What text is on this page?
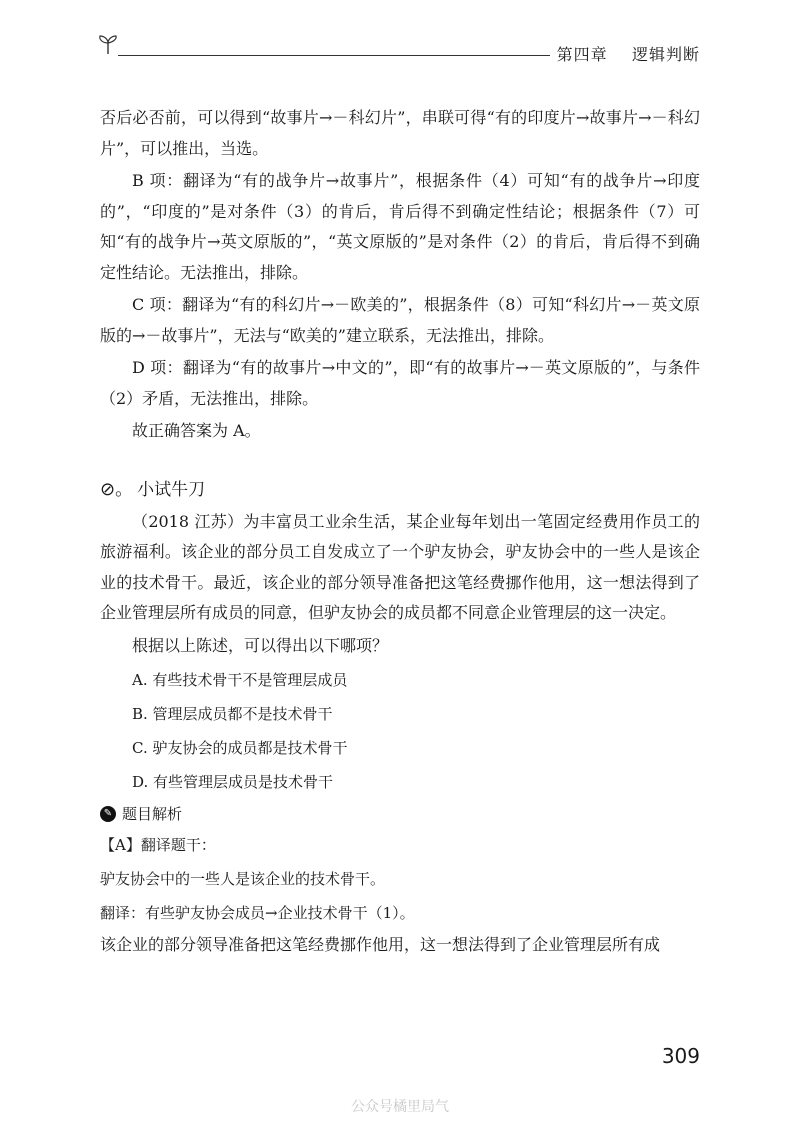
第四章 逻辑判断

否后必否前，可以得到“故事片→－科幻片”，串联可得“有的印度片→故事片→－科幻片”，可以推出，当选。

B 项：翻译为“有的战争片→故事片”，根据条件（4）可知“有的战争片→印度的”，“印度的”是对条件（3）的肯后，肯后得不到确定性结论；根据条件（7）可知“有的战争片→英文原版的”，“英文原版的”是对条件（2）的肯后，肯后得不到确定性结论。无法推出，排除。

C 项：翻译为“有的科幻片→－欧美的”，根据条件（8）可知“科幻片→－英文原版的→－故事片”，无法与“欧美的”建立联系，无法推出，排除。

D 项：翻译为“有的故事片→中文的”，即“有的故事片→－英文原版的”，与条件（2）矛盾，无法推出，排除。

故正确答案为 A。

⊘。 小试牛刀

（2018 江苏）为丰富员工业余生活，某企业每年划出一笔固定经费用作员工的旅游福利。该企业的部分员工自发成立了一个驴友协会，驴友协会中的一些人是该企业的技术骨干。最近，该企业的部分领导准备把这笔经费挪作他用，这一想法得到了企业管理层所有成员的同意，但驴友协会的成员都不同意企业管理层的这一决定。

根据以上陈述，可以得出以下哪项？

A. 有些技术骨干不是管理层成员

B. 管理层成员都不是技术骨干

C. 驴友协会的成员都是技术骨干

D. 有些管理层成员是技术骨干

✎ 题目解析

【A】翻译题干：

驴友协会中的一些人是该企业的技术骨干。

翻译：有些驴友协会成员→企业技术骨干（1）。

该企业的部分领导准备把这笔经费挪作他用，这一想法得到了企业管理层所有成

309
公众号橘里局气
